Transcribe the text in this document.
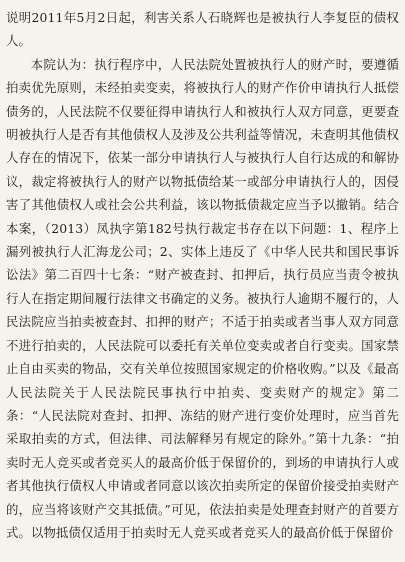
说明2011年5月2日起，利害关系人石晓辉也是被执行人李复臣的债权人。

本院认为：执行程序中，人民法院处置被执行人的财产时，要遵循拍卖优先原则，未经拍卖变卖，将被执行人的财产作价申请执行人抵偿债务的，人民法院不仅要征得申请执行人和被执行人双方同意，更要查明被执行人是否有其他债权人及涉及公共利益等情况，未查明其他债权人存在的情况下，依某一部分申请执行人与被执行人自行达成的和解协议，裁定将被执行人的财产以物抵债给某一或部分申请执行人的，因侵害了其他债权人或社会公共利益，该以物抵债裁定应当予以撤销。结合本案，（2013）凤执字第182号执行裁定书存在以下问题：1、程序上漏列被执行人汇海龙公司；2、实体上违反了《中华人民共和国民事诉讼法》第二百四十七条：“财产被查封、扣押后，执行员应当责令被执行人在指定期间履行法律文书确定的义务。被执行人逾期不履行的，人民法院应当拍卖被查封、扣押的财产；不适于拍卖或者当事人双方同意不进行拍卖的，人民法院可以委托有关单位变卖或者自行变卖。国家禁止自由买卖的物品，交有关单位按照国家规定的价格收购。”以及《最高人民法院关于人民法院民事执行中拍卖、变卖财产的规定》第二条：“人民法院对查封、扣押、冻结的财产进行变价处理时，应当首先采取拍卖的方式，但法律、司法解释另有规定的除外。”第十九条：“拍卖时无人竞买或者竞买人的最高价低于保留价的，到场的申请执行人或者其他执行债权人申请或者同意以该次拍卖所定的保留价接受拍卖财产的，应当将该财产交其抵债。”可见，依法拍卖是处理查封财产的首要方式。以物抵债仅适用于拍卖时无人竞买或者竞买人的最高价低于保留价
